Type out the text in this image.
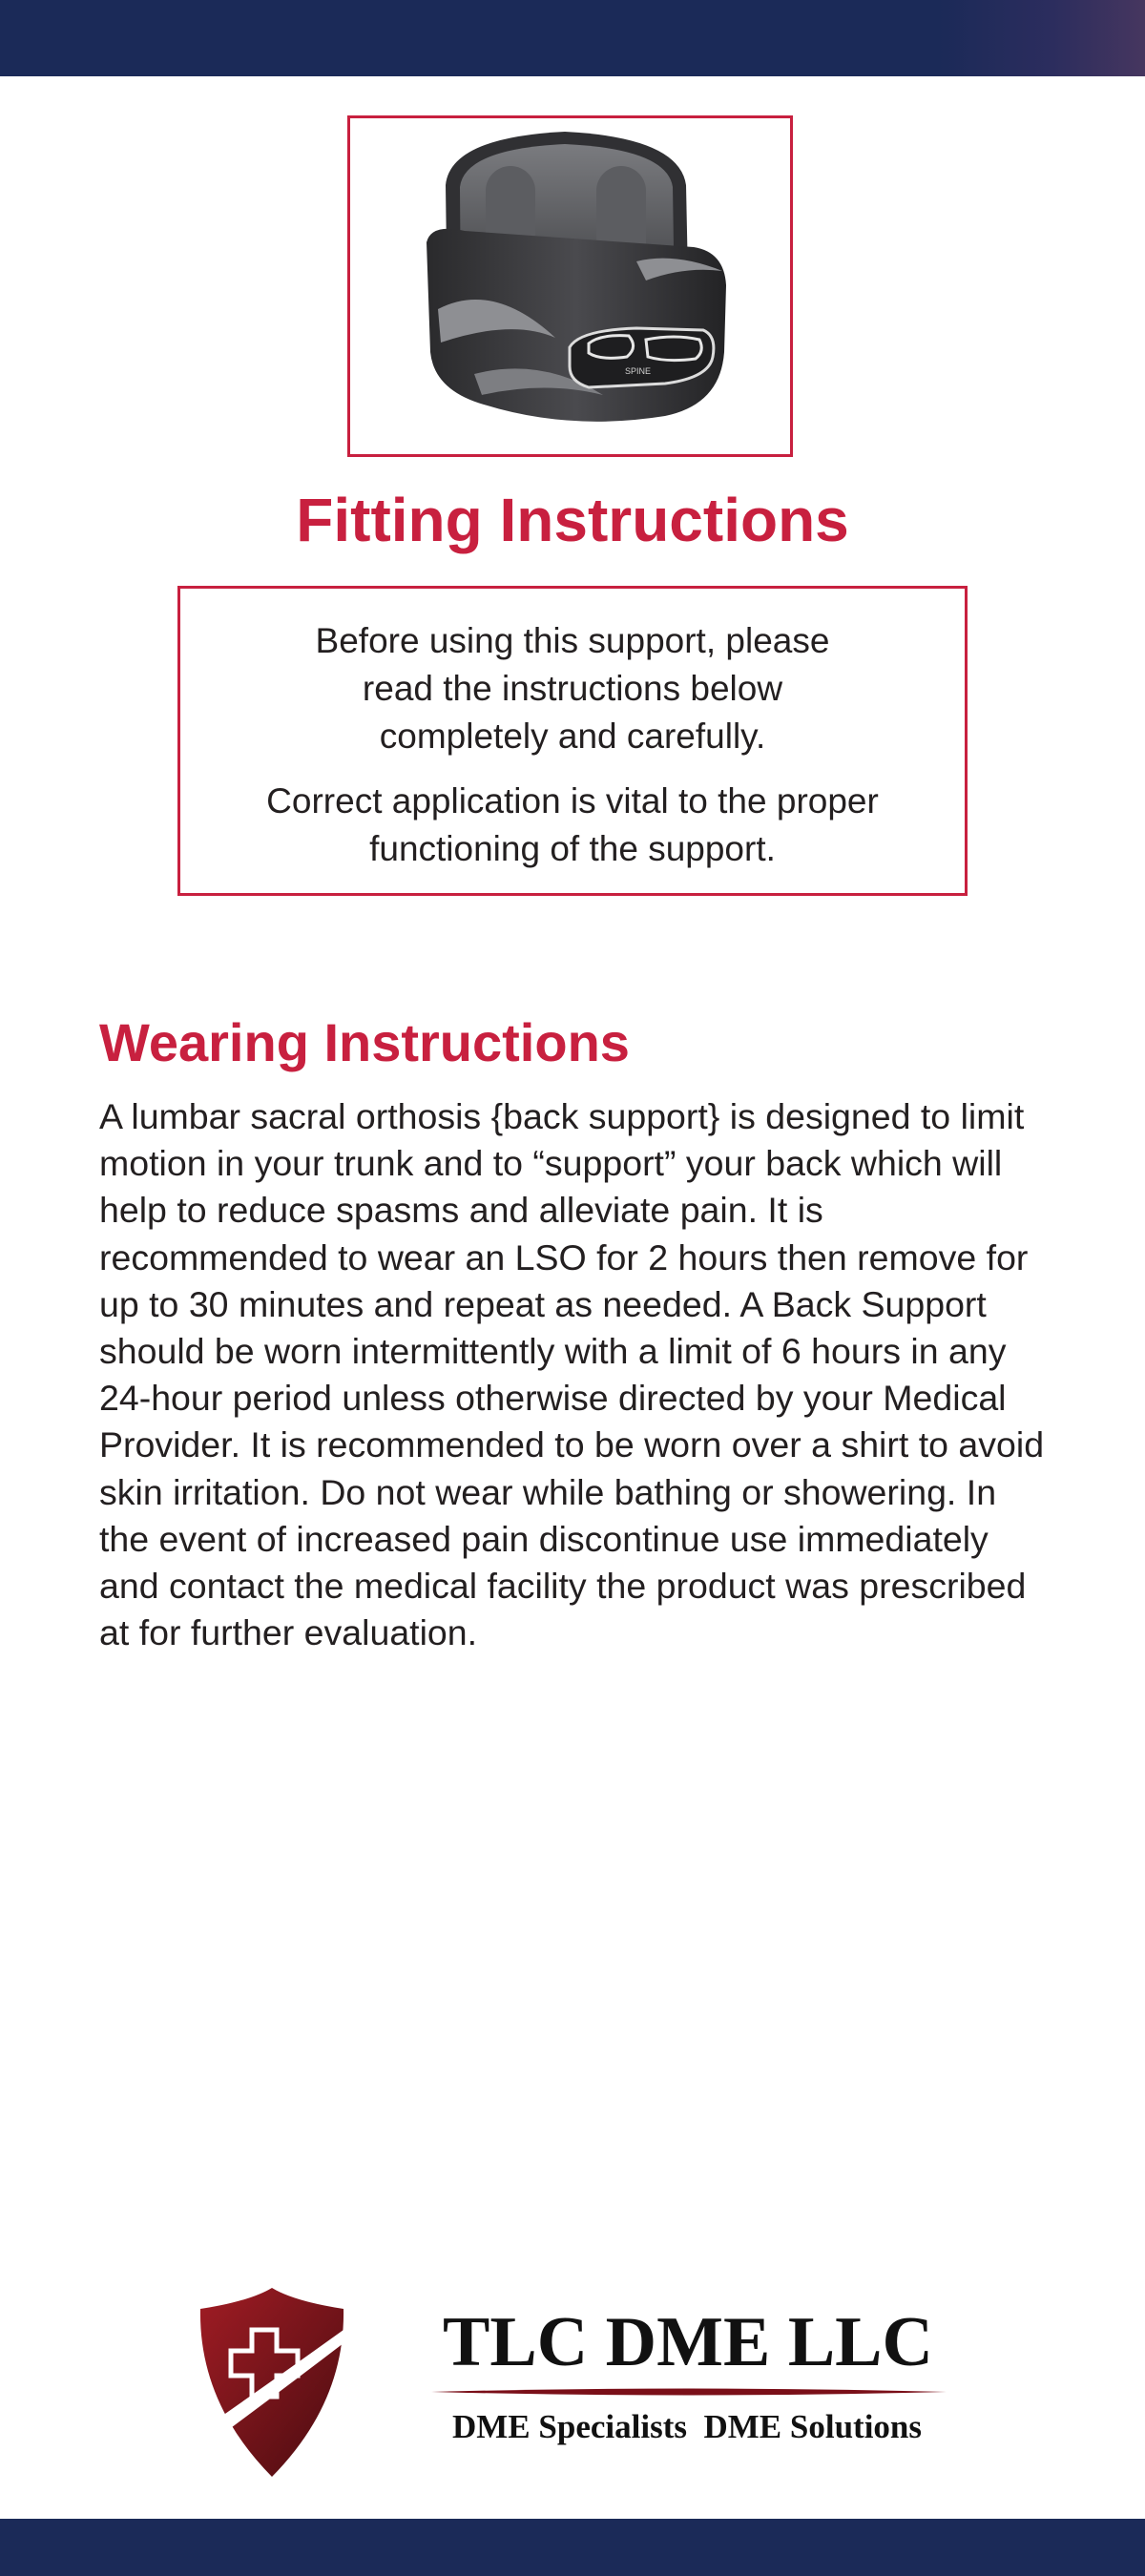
SPINE
Fitting Instructions

Before using this support, please read the instructions below completely and carefully.

Correct application is vital to the proper functioning of the support.

Wearing Instructions

A lumbar sacral orthosis {back support} is designed to limit motion in your trunk and to “support” your back which will help to reduce spasms and alleviate pain. It is recommended to wear an LSO for 2 hours then remove for up to 30 minutes and repeat as needed. A Back Support should be worn intermittently with a limit of 6 hours in any 24-hour period unless otherwise directed by your Medical Provider. It is recommended to be worn over a shirt to avoid skin irritation. Do not wear while bathing or showering. In the event of increased pain discontinue use immediately and contact the medical facility the product was prescribed at for further evaluation.

TLC DME LLC
DME Specialists  DME Solutions
